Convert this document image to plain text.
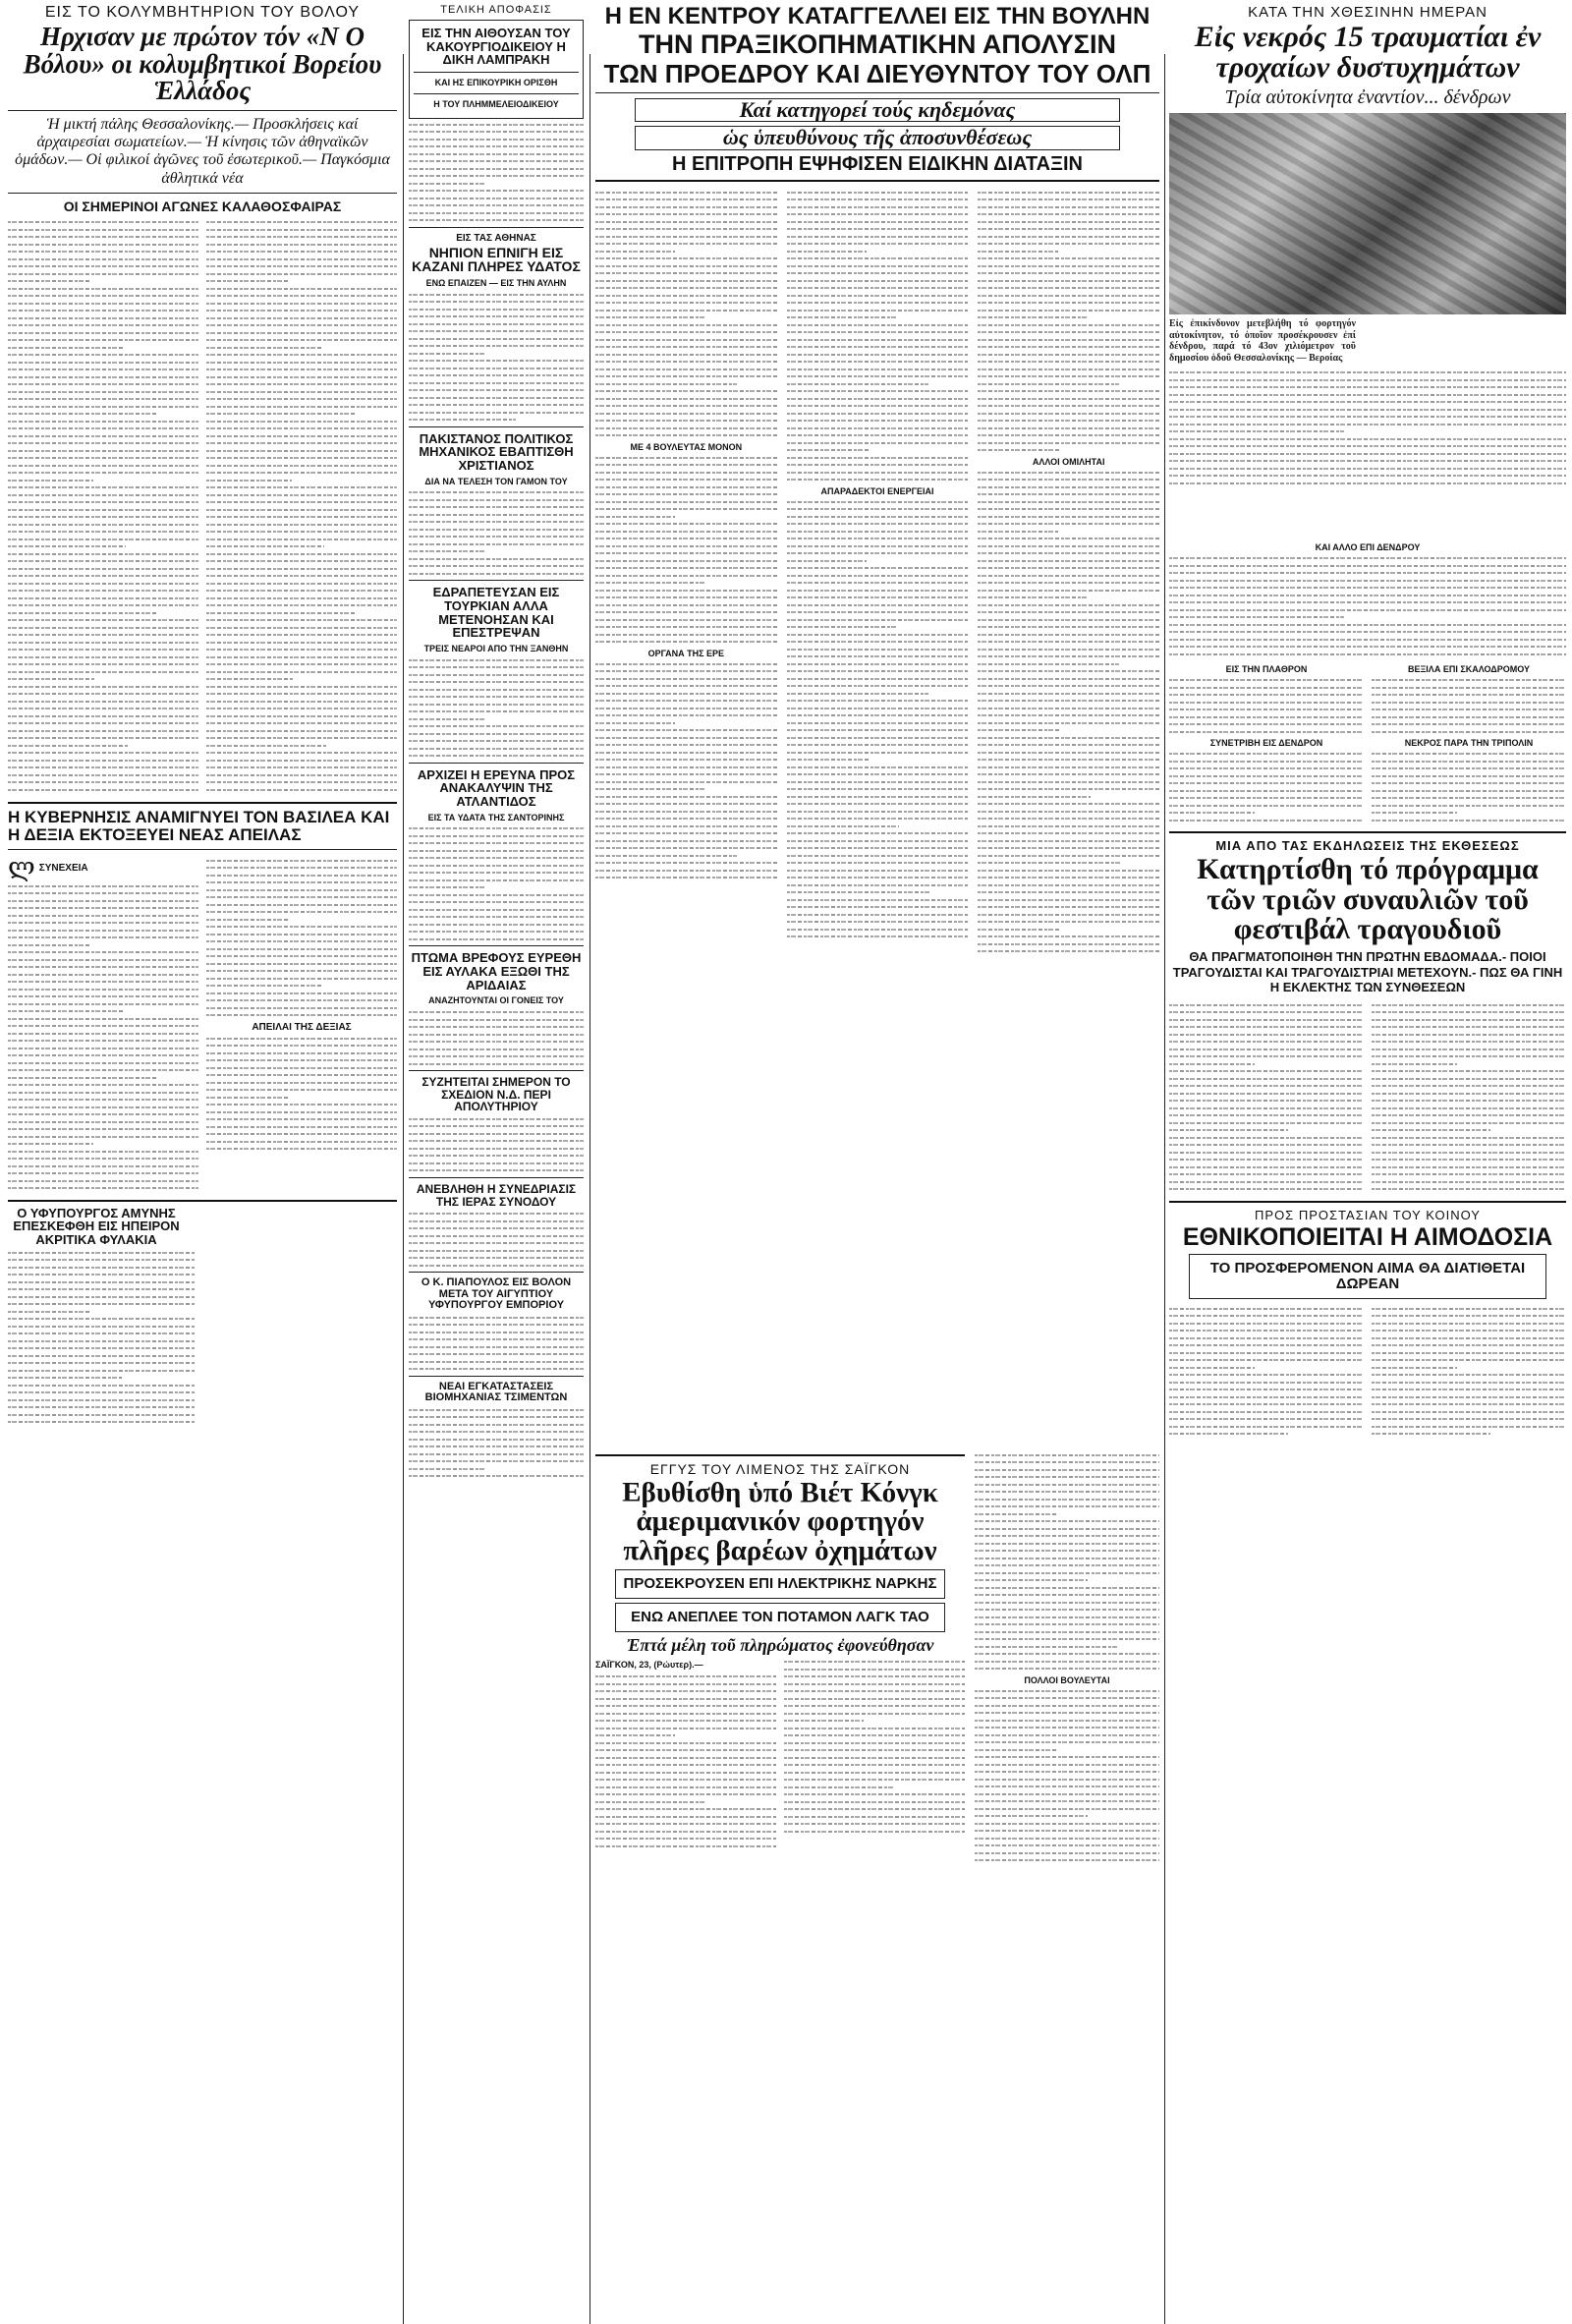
ΕΙΣ ΤΟ ΚΟΛΥΜΒΗΤΗΡΙΟΝ ΤΟΥ ΒΟΛΟΥ
Ηρχισαν με πρώτον τόν «Ν Ο Βόλου» οι κολυμβητικοί Βορείου Ἑλλάδος
Ἡ μικτή πάλης Θεσσαλονίκης.— Προσκλήσεις καί ἀρχαιρεσίαι σωματείων.— Ἡ κίνησις τῶν ἀθηναϊκῶν ὁμάδων.— Οἱ φιλικοί ἀγῶνες τοῦ ἐσωτερικοῦ.— Παγκόσμια ἀθλητικά νέα
ΟΙ ΣΗΜΕΡΙΝΟΙ ΑΓΩΝΕΣ ΚΑΛΑΘΟΣΦΑΙΡΑΣ
Η ΚΥΒΕΡΝΗΣΙΣ ΑΝΑΜΙΓΝΥΕΙ ΤΟΝ ΒΑΣΙΛΕΑ ΚΑΙ Η ΔΕΞΙΑ ΕΚΤΟΞΕΥΕΙ ΝΕΑΣ ΑΠΕΙΛΑΣ
ლ ΣΥΝΕΧΕΙΑ
ΑΠΕΙΛΑΙ ΤΗΣ ΔΕΞΙΑΣ
Ο ΥΦΥΠΟΥΡΓΟΣ ΑΜΥΝΗΣ ΕΠΕΣΚΕΦΘΗ ΕΙΣ ΗΠΕΙΡΟΝ ΑΚΡΙΤΙΚΑ ΦΥΛΑΚΙΑ
ΤΕΛΙΚΗ ΑΠΟΦΑΣΙΣ
ΕΙΣ ΤΗΝ ΑΙΘΟΥΣΑΝ ΤΟΥ ΚΑΚΟΥΡΓΙΟΔΙΚΕΙΟΥ Η ΔΙΚΗ ΛΑΜΠΡΑΚΗ
ΚΑΙ ΗΣ ΕΠΙΚΟΥΡΙΚΗ ΟΡΙΣΘΗ
Η ΤΟΥ ΠΛΗΜΜΕΛΕΙΟΔΙΚΕΙΟΥ
ΕΙΣ ΤΑΣ ΑΘΗΝΑΣ
ΝΗΠΙΟΝ ΕΠΝΙΓΗ ΕΙΣ ΚΑΖΑΝΙ ΠΛΗΡΕΣ ΥΔΑΤΟΣ
ΕΝΩ ΕΠΑΙΖΕΝ — ΕΙΣ ΤΗΝ ΑΥΛΗΝ
ΠΑΚΙΣΤΑΝΟΣ ΠΟΛΙΤΙΚΟΣ ΜΗΧΑΝΙΚΟΣ ΕΒΑΠΤΙΣΘΗ ΧΡΙΣΤΙΑΝΟΣ
ΔΙΑ ΝΑ ΤΕΛΕΣΗ ΤΟΝ ΓΑΜΟΝ ΤΟΥ
ΕΔΡΑΠΕΤΕΥΣΑΝ ΕΙΣ ΤΟΥΡΚΙΑΝ ΑΛΛΑ ΜΕΤΕΝΟΗΣΑΝ ΚΑΙ ΕΠΕΣΤΡΕΨΑΝ
ΤΡΕΙΣ ΝΕΑΡΟΙ ΑΠΟ ΤΗΝ ΞΑΝΘΗΝ
ΑΡΧΙΖΕΙ Η ΕΡΕΥΝΑ ΠΡΟΣ ΑΝΑΚΑΛΥΨΙΝ ΤΗΣ ΑΤΛΑΝΤΙΔΟΣ
ΕΙΣ ΤΑ ΥΔΑΤΑ ΤΗΣ ΣΑΝΤΟΡΙΝΗΣ
ΠΤΩΜΑ ΒΡΕΦΟΥΣ ΕΥΡΕΘΗ ΕΙΣ ΑΥΛΑΚΑ ΕΞΩΘΙ ΤΗΣ ΑΡΙΔΑΙΑΣ
ΑΝΑΖΗΤΟΥΝΤΑΙ ΟΙ ΓΟΝΕΙΣ ΤΟΥ
ΣΥΖΗΤΕΙΤΑΙ ΣΗΜΕΡΟΝ ΤΟ ΣΧΕΔΙΟΝ Ν.Δ. ΠΕΡΙ ΑΠΟΛΥΤΗΡΙΟΥ
ΑΝΕΒΛΗΘΗ Η ΣΥΝΕΔΡΙΑΣΙΣ ΤΗΣ ΙΕΡΑΣ ΣΥΝΟΔΟΥ
Ο Κ. ΠΙΑΠΟΥΛΟΣ ΕΙΣ ΒΟΛΟΝ ΜΕΤΑ ΤΟΥ ΑΙΓΥΠΤΙΟΥ ΥΦΥΠΟΥΡΓΟΥ ΕΜΠΟΡΙΟΥ
ΝΕΑΙ ΕΓΚΑΤΑΣΤΑΣΕΙΣ ΒΙΟΜΗΧΑΝΙΑΣ ΤΣΙΜΕΝΤΩΝ
Η ΕΝ ΚΕΝΤΡΟΥ ΚΑΤΑΓΓΕΛΛΕΙ ΕΙΣ ΤΗΝ ΒΟΥΛΗΝ
ΤΗΝ ΠΡΑΞΙΚΟΠΗΜΑΤΙΚΗΝ ΑΠΟΛΥΣΙΝ
ΤΩΝ ΠΡΟΕΔΡΟΥ ΚΑΙ ΔΙΕΥΘΥΝΤΟΥ ΤΟΥ ΟΛΠ
Καί κατηγορεί τούς κηδεμόνας
ὡς ὑπευθύνους τῆς ἀποσυνθέσεως
Η ΕΠΙΤΡΟΠΗ ΕΨΗΦΙΣΕΝ ΕΙΔΙΚΗΝ ΔΙΑΤΑΞΙΝ
ΜΕ 4 ΒΟΥΛΕΥΤΑΣ ΜΟΝΟΝ
ΟΡΓΑΝΑ ΤΗΣ ΕΡΕ
ΑΠΑΡΑΔΕΚΤΟΙ ΕΝΕΡΓΕΙΑΙ
ΑΛΛΟΙ ΟΜΙΛΗΤΑΙ
ΕΓΓΥΣ ΤΟΥ ΛΙΜΕΝΟΣ ΤΗΣ ΣΑΪΓΚΟΝ
Εβυθίσθη ὑπό Βιέτ Κόνγκ ἀμεριμανικόν φορτηγόν πλῆρες βαρέων ὀχημάτων
ΠΡΟΣΕΚΡΟΥΣΕΝ ΕΠΙ ΗΛΕΚΤΡΙΚΗΣ ΝΑΡΚΗΣ
ΕΝΩ ΑΝΕΠΛΕΕ ΤΟΝ ΠΟΤΑΜΟΝ ΛΑΓΚ ΤΑΟ
Ἐπτά μέλη τοῦ πληρώματος ἐφονεύθησαν
ΣΑΪΓΚΟΝ, 23, (Ρώυτερ).—
ΠΟΛΛΟΙ ΒΟΥΛΕΥΤΑΙ
ΚΑΤΑ ΤΗΝ ΧΘΕΣΙΝΗΝ ΗΜΕΡΑΝ
Εἰς νεκρός 15 τραυματίαι ἐν τροχαίων δυστυχημάτων
Τρία αὐτοκίνητα ἐναντίον... δένδρων
Εἰς ἐπικίνδυνον μετεβλήθη τό φορτηγόν αὐτοκίνητον, τό ὁποῖον προσέκρουσεν ἐπί δένδρου, παρά τό 43ον χιλιόμετρον τοῦ δημοσίου ὁδοῦ Θεσσαλονίκης — Βεροίας
ΚΑΙ ΑΛΛΟ ΕΠΙ ΔΕΝΔΡΟΥ
ΕΙΣ ΤΗΝ ΠΛΑΘΡΟΝ
ΣΥΝΕΤΡΙΒΗ ΕΙΣ ΔΕΝΔΡΟΝ
ΒΕΞΙΛΑ ΕΠΙ ΣΚΑΛΟΔΡΟΜΟΥ
ΝΕΚΡΟΣ ΠΑΡΑ ΤΗΝ ΤΡΙΠΟΛΙΝ
ΜΙΑ ΑΠΟ ΤΑΣ ΕΚΔΗΛΩΣΕΙΣ ΤΗΣ ΕΚΘΕΣΕΩΣ
Κατηρτίσθη τό πρόγραμμα τῶν τριῶν συναυλιῶν τοῦ φεστιβάλ τραγουδιοῦ
ΘΑ ΠΡΑΓΜΑΤΟΠΟΙΗΘΗ ΤΗΝ ΠΡΩΤΗΝ ΕΒΔΟΜΑΔΑ.- ΠΟΙΟΙ ΤΡΑΓΟΥΔΙΣΤΑΙ ΚΑΙ ΤΡΑΓΟΥΔΙΣΤΡΙΑΙ ΜΕΤΕΧΟΥΝ.- ΠΩΣ ΘΑ ΓΙΝΗ Η ΕΚΛΕΚΤΗΣ ΤΩΝ ΣΥΝΘΕΣΕΩΝ
ΠΡΟΣ ΠΡΟΣΤΑΣΙΑΝ ΤΟΥ ΚΟΙΝΟΥ
ΕΘΝΙΚΟΠΟΙΕΙΤΑΙ Η ΑΙΜΟΔΟΣΙΑ
ΤΟ ΠΡΟΣΦΕΡΟΜΕΝΟΝ ΑΙΜΑ ΘΑ ΔΙΑΤΙΘΕΤΑΙ ΔΩΡΕΑΝ
